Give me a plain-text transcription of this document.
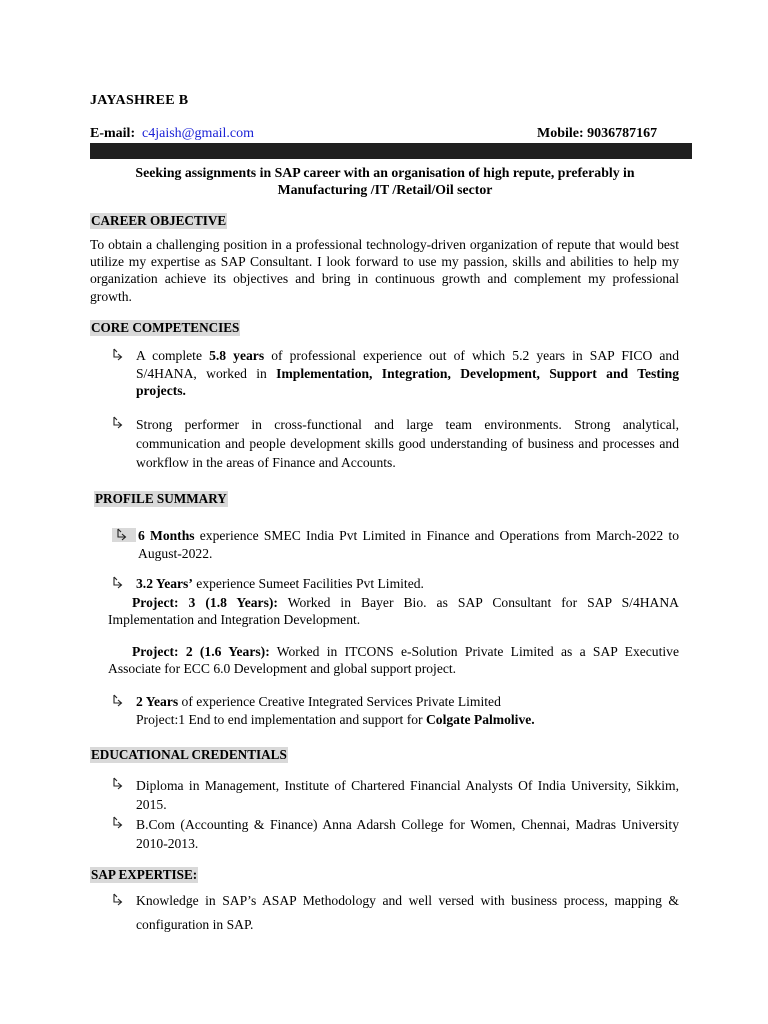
JAYASHREE B
E-mail: c4jaish@gmail.com	Mobile: 9036787167
Seeking assignments in SAP career with an organisation of high repute, preferably in
Manufacturing /IT /Retail/Oil sector
CAREER OBJECTIVE
To obtain a challenging position in a professional technology-driven organization of repute that would best utilize my expertise as SAP Consultant. I look forward to use my passion, skills and abilities to help my organization achieve its objectives and bring in continuous growth and complement my professional growth.
CORE COMPETENCIES
A complete 5.8 years of professional experience out of which 5.2 years in SAP FICO and S/4HANA, worked in Implementation, Integration, Development, Support and Testing projects.
Strong performer in cross-functional and large team environments. Strong analytical, communication and people development skills good understanding of business and processes and workflow in the areas of Finance and Accounts.
PROFILE SUMMARY
6 Months experience SMEC India Pvt Limited in Finance and Operations from March-2022 to August-2022.
3.2 Years’ experience Sumeet Facilities Pvt Limited.
Project: 3 (1.8 Years): Worked in Bayer Bio. as SAP Consultant for SAP S/4HANA Implementation and Integration Development.
Project: 2 (1.6 Years): Worked in ITCONS e-Solution Private Limited as a SAP Executive Associate for ECC 6.0 Development and global support project.
2 Years of experience Creative Integrated Services Private Limited
Project:1 End to end implementation and support for Colgate Palmolive.
EDUCATIONAL CREDENTIALS
Diploma in Management, Institute of Chartered Financial Analysts Of India University, Sikkim, 2015.
B.Com (Accounting & Finance) Anna Adarsh College for Women, Chennai, Madras University 2010-2013.
SAP EXPERTISE:
Knowledge in SAP’s ASAP Methodology and well versed with business process, mapping & configuration in SAP.
